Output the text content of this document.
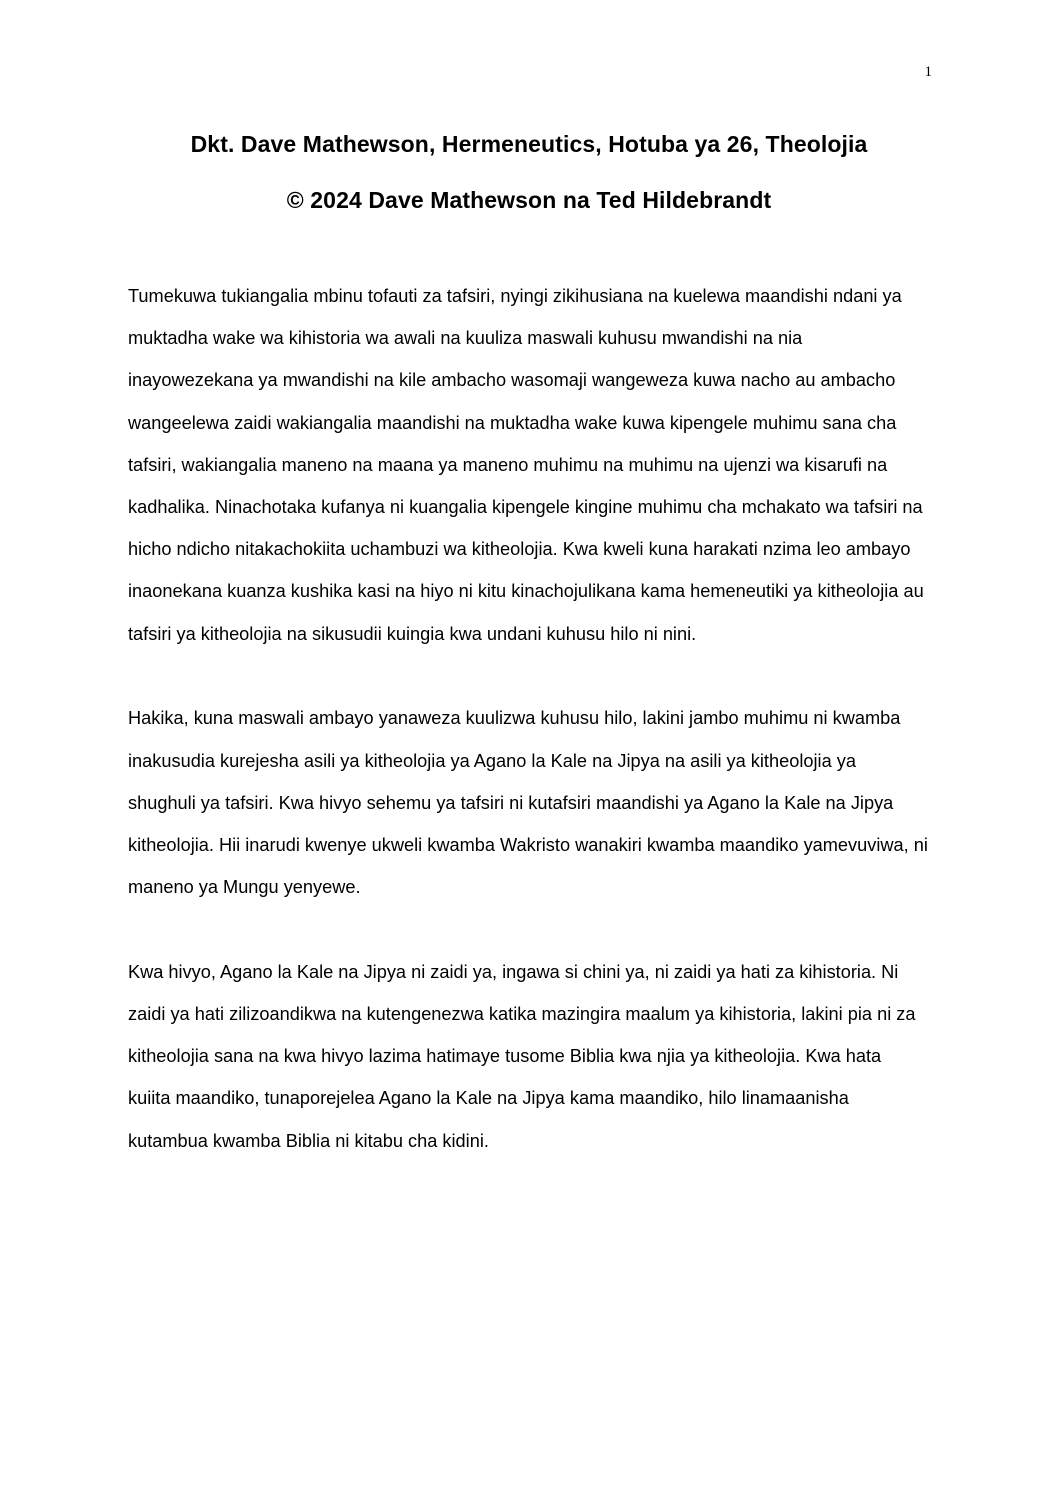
1
Dkt. Dave Mathewson, Hermeneutics, Hotuba ya 26, Theolojia
© 2024 Dave Mathewson na Ted Hildebrandt

Tumekuwa tukiangalia mbinu tofauti za tafsiri, nyingi zikihusiana na kuelewa maandishi ndani ya muktadha wake wa kihistoria wa awali na kuuliza maswali kuhusu mwandishi na nia inayowezekana ya mwandishi na kile ambacho wasomaji wangeweza kuwa nacho au ambacho wangeelewa zaidi wakiangalia maandishi na muktadha wake kuwa kipengele muhimu sana cha tafsiri, wakiangalia maneno na maana ya maneno muhimu na muhimu na ujenzi wa kisarufi na kadhalika. Ninachotaka kufanya ni kuangalia kipengele kingine muhimu cha mchakato wa tafsiri na hicho ndicho nitakachokiita uchambuzi wa kitheolojia. Kwa kweli kuna harakati nzima leo ambayo inaonekana kuanza kushika kasi na hiyo ni kitu kinachojulikana kama hemeneutiki ya kitheolojia au tafsiri ya kitheolojia na sikusudii kuingia kwa undani kuhusu hilo ni nini.

Hakika, kuna maswali ambayo yanaweza kuulizwa kuhusu hilo, lakini jambo muhimu ni kwamba inakusudia kurejesha asili ya kitheolojia ya Agano la Kale na Jipya na asili ya kitheolojia ya shughuli ya tafsiri. Kwa hivyo sehemu ya tafsiri ni kutafsiri maandishi ya Agano la Kale na Jipya kitheolojia. Hii inarudi kwenye ukweli kwamba Wakristo wanakiri kwamba maandiko yamevuviwa, ni maneno ya Mungu yenyewe.

Kwa hivyo, Agano la Kale na Jipya ni zaidi ya, ingawa si chini ya, ni zaidi ya hati za kihistoria. Ni zaidi ya hati zilizoandikwa na kutengenezwa katika mazingira maalum ya kihistoria, lakini pia ni za kitheolojia sana na kwa hivyo lazima hatimaye tusome Biblia kwa njia ya kitheolojia. Kwa hata kuiita maandiko, tunaporejelea Agano la Kale na Jipya kama maandiko, hilo linamaanisha kutambua kwamba Biblia ni kitabu cha kidini.
